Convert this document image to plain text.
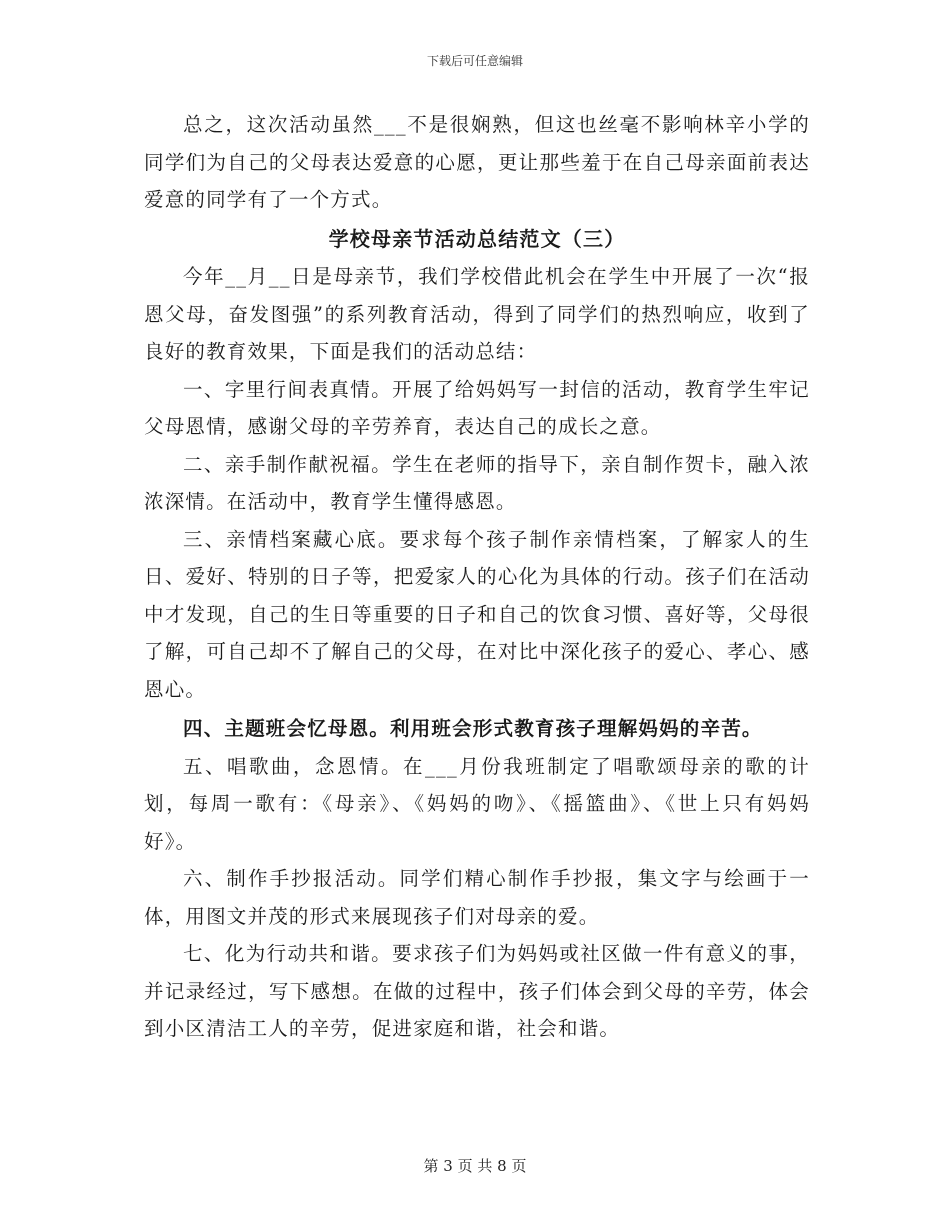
下载后可任意编辑

总之，这次活动虽然___不是很娴熟，但这也丝毫不影响林辛小学的同学们为自己的父母表达爱意的心愿，更让那些羞于在自己母亲面前表达爱意的同学有了一个方式。

学校母亲节活动总结范文（三）

今年__月__日是母亲节，我们学校借此机会在学生中开展了一次“报恩父母，奋发图强”的系列教育活动，得到了同学们的热烈响应，收到了良好的教育效果，下面是我们的活动总结：

一、字里行间表真情。开展了给妈妈写一封信的活动，教育学生牢记父母恩情，感谢父母的辛劳养育，表达自己的成长之意。

二、亲手制作献祝福。学生在老师的指导下，亲自制作贺卡，融入浓浓深情。在活动中，教育学生懂得感恩。

三、亲情档案藏心底。要求每个孩子制作亲情档案，了解家人的生日、爱好、特别的日子等，把爱家人的心化为具体的行动。孩子们在活动中才发现，自己的生日等重要的日子和自己的饮食习惯、喜好等，父母很了解，可自己却不了解自己的父母，在对比中深化孩子的爱心、孝心、感恩心。

四、主题班会忆母恩。利用班会形式教育孩子理解妈妈的辛苦。

五、唱歌曲，念恩情。在___月份我班制定了唱歌颂母亲的歌的计划，每周一歌有：《母亲》、《妈妈的吻》、《摇篮曲》、《世上只有妈妈好》。

六、制作手抄报活动。同学们精心制作手抄报，集文字与绘画于一体，用图文并茂的形式来展现孩子们对母亲的爱。

七、化为行动共和谐。要求孩子们为妈妈或社区做一件有意义的事，并记录经过，写下感想。在做的过程中，孩子们体会到父母的辛劳，体会到小区清洁工人的辛劳，促进家庭和谐，社会和谐。

第 3 页 共 8 页
